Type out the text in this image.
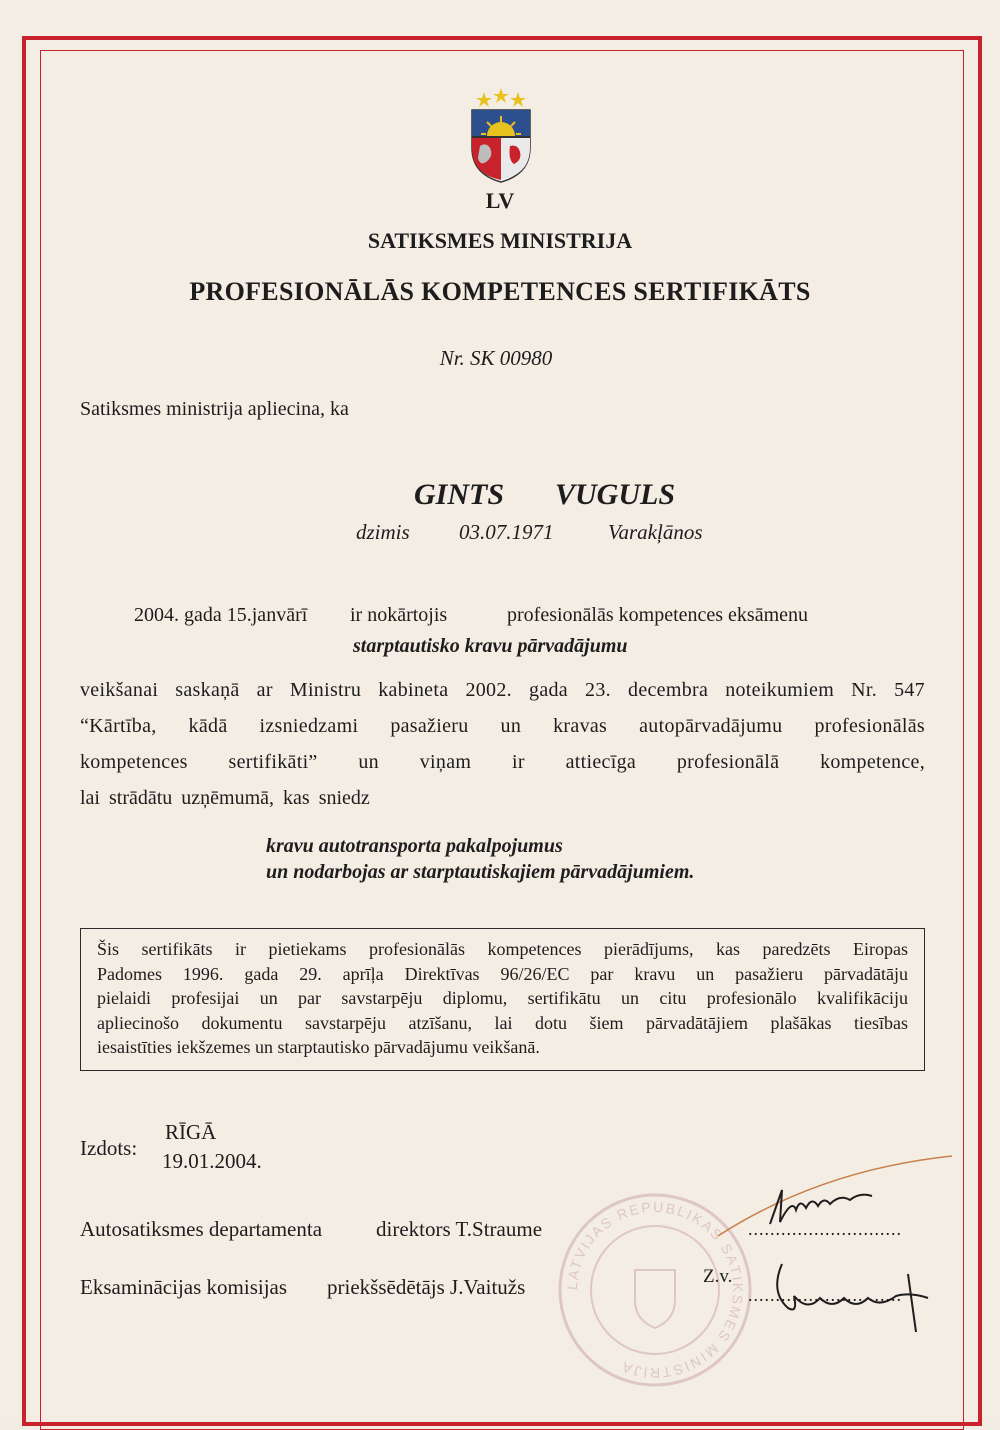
LV
SATIKSMES MINISTRIJA
PROFESIONĀLĀS KOMPETENCES SERTIFIKĀTS
Nr. SK 00980
Satiksmes ministrija apliecina, ka
GINTS VUGULS
dzimis 03.07.1971	Varakļānos
2004. gada 15.janvārī ir nokārtojis	profesionālās kompetences eksāmenu
starptautisko kravu pārvadājumu
veikšanai saskaņā ar Ministru kabineta 2002. gada 23. decembra noteikumiem Nr. 547
“Kārtība, kādā izsniedzami pasažieru un kravas autopārvadājumu profesionālās
kompetences sertifikāti” un viņam ir attiecīga profesionālā kompetence,
lai strādātu uzņēmumā, kas sniedz
kravu autotransporta pakalpojumus
un nodarbojas ar starptautiskajiem pārvadājumiem.
Šis sertifikāts ir pietiekams profesionālās kompetences pierādījums, kas paredzēts Eiropas
Padomes 1996. gada 29. aprīļa Direktīvas 96/26/EC par kravu un pasažieru pārvadātāju
pielaidi profesijai un par savstarpēju diplomu, sertifikātu un citu profesionālo kvalifikāciju
apliecinošo dokumentu savstarpēju atzīšanu, lai dotu šiem pārvadātājiem plašākas tiesības
iesaistīties iekšzemes un starptautisko pārvadājumu veikšanā.
Izdots:
RĪGĀ
19.01.2004.
LATVIJAS REPUBLIKAS SATIKSMES MINISTRIJA
Autosatiksmes departamenta	direktors T.Straume	............................
Eksaminācijas komisijas priekšsēdētājs J.Vaitužs	Z.v.
............................
